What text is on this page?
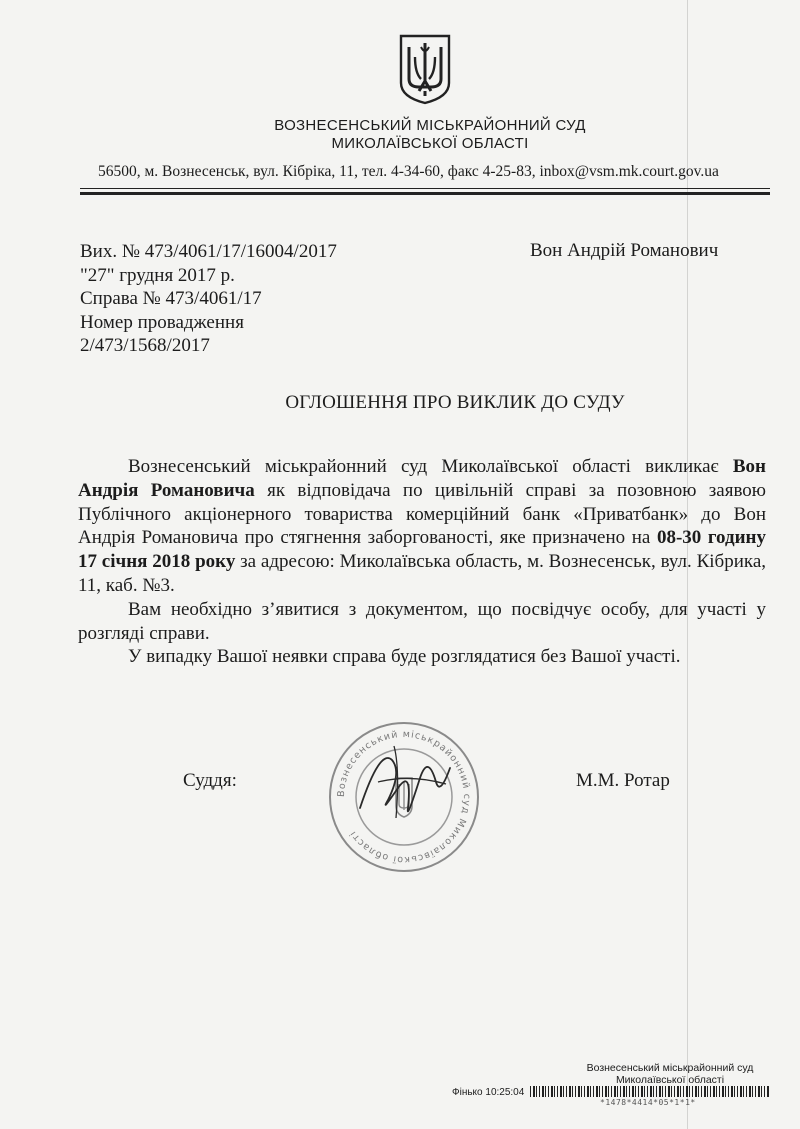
ВОЗНЕСЕНСЬКИЙ МІСЬКРАЙОННИЙ СУД
МИКОЛАЇВСЬКОЇ ОБЛАСТІ
56500, м. Вознесенськ, вул. Кібріка, 11, тел. 4-34-60, факс 4-25-83, inbox@vsm.mk.court.gov.ua
Вих. № 473/4061/17/16004/2017
"27" грудня 2017 р.
Справа № 473/4061/17
Номер провадження
2/473/1568/2017
Вон Андрій Романович
ОГЛОШЕННЯ ПРО ВИКЛИК ДО СУДУ

Вознесенський міськрайонний суд Миколаївської області викликає Вон Андрія Романовича як відповідача по цивільній справі за позовною заявою Публічного акціонерного товариства комерційний банк «Приватбанк» до Вон Андрія Романовича про стягнення заборгованості, яке призначено на 08-30 годину 17 січня 2018 року за адресою: Миколаївська область, м. Вознесенськ, вул. Кібрика, 11, каб. №3.

Вам необхідно з’явитися з документом, що посвідчує особу, для участі у розгляді справи.

У випадку Вашої неявки справа буде розглядатися без Вашої участі.

Суддя:
Вознесенський міськрайонний суд Миколаївської області
М.М. Ротар
Вознесенський міськрайонний суд
Миколаївської області
Фінько 10:25:04
*1478*4414*05*1*1*
